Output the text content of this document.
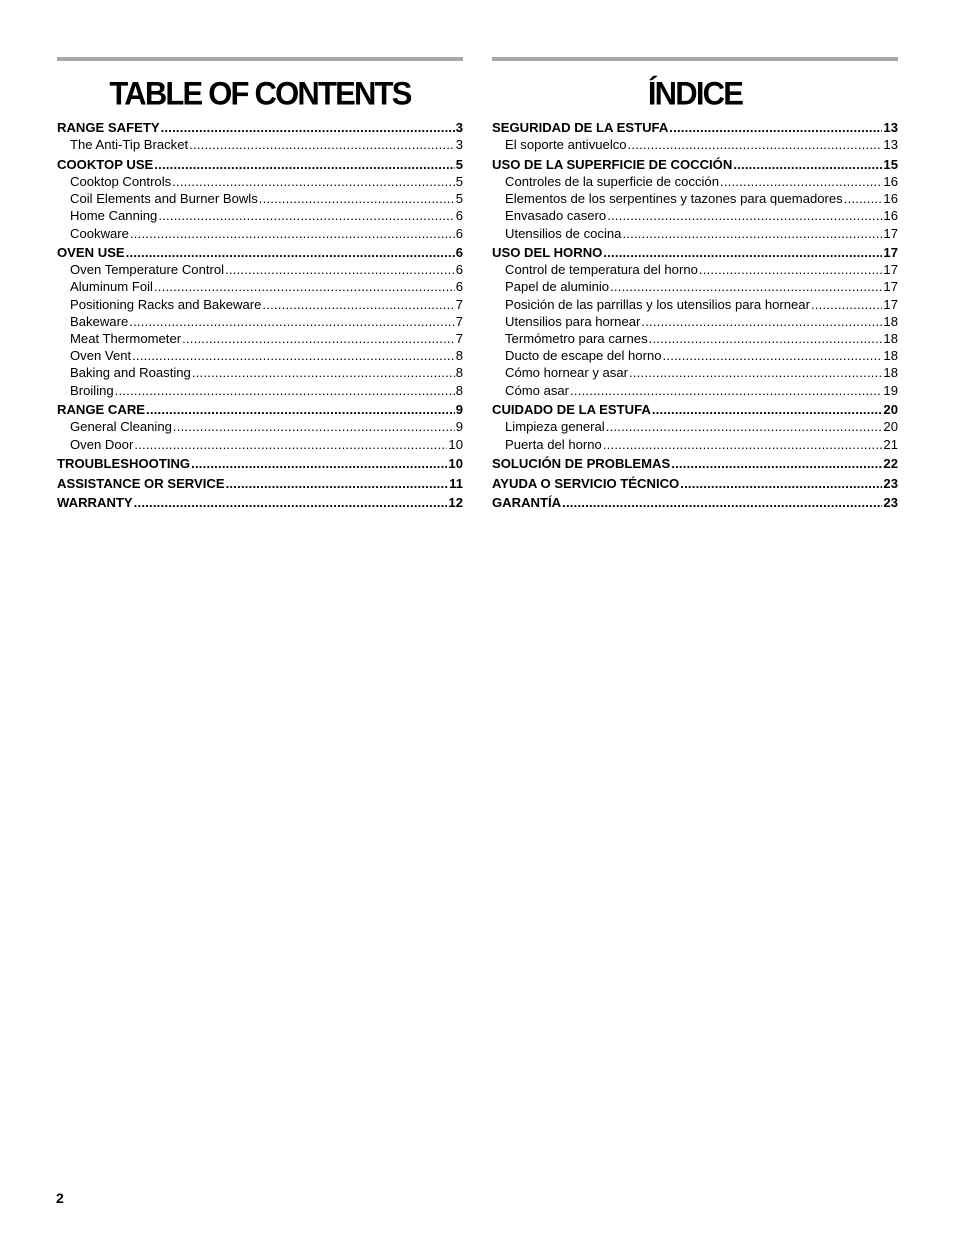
TABLE OF CONTENTS
RANGE SAFETY .....	3
The Anti-Tip Bracket .....	3
COOKTOP USE .....	5
Cooktop Controls .....	5
Coil Elements and Burner Bowls .....	5
Home Canning .....	6
Cookware .....	6
OVEN USE .....	6
Oven Temperature Control .....	6
Aluminum Foil .....	6
Positioning Racks and Bakeware .....	7
Bakeware .....	7
Meat Thermometer .....	7
Oven Vent .....	8
Baking and Roasting .....	8
Broiling .....	8
RANGE CARE .....	9
General Cleaning .....	9
Oven Door .....	10
TROUBLESHOOTING .....	10
ASSISTANCE OR SERVICE .....	11
WARRANTY .....	12
ÍNDICE
SEGURIDAD DE LA ESTUFA .....	13
El soporte antivuelco .....	13
USO DE LA SUPERFICIE DE COCCIÓN .....	15
Controles de la superficie de cocción .....	16
Elementos de los serpentines y tazones para quemadores .....	16
Envasado casero .....	16
Utensilios de cocina .....	17
USO DEL HORNO .....	17
Control de temperatura del horno .....	17
Papel de aluminio .....	17
Posición de las parrillas y los utensilios para hornear .....	17
Utensilios para hornear .....	18
Termómetro para carnes .....	18
Ducto de escape del horno .....	18
Cómo hornear y asar .....	18
Cómo asar .....	19
CUIDADO DE LA ESTUFA .....	20
Limpieza general .....	20
Puerta del horno .....	21
SOLUCIÓN DE PROBLEMAS .....	22
AYUDA O SERVICIO TÉCNICO .....	23
GARANTÍA .....	23
2
